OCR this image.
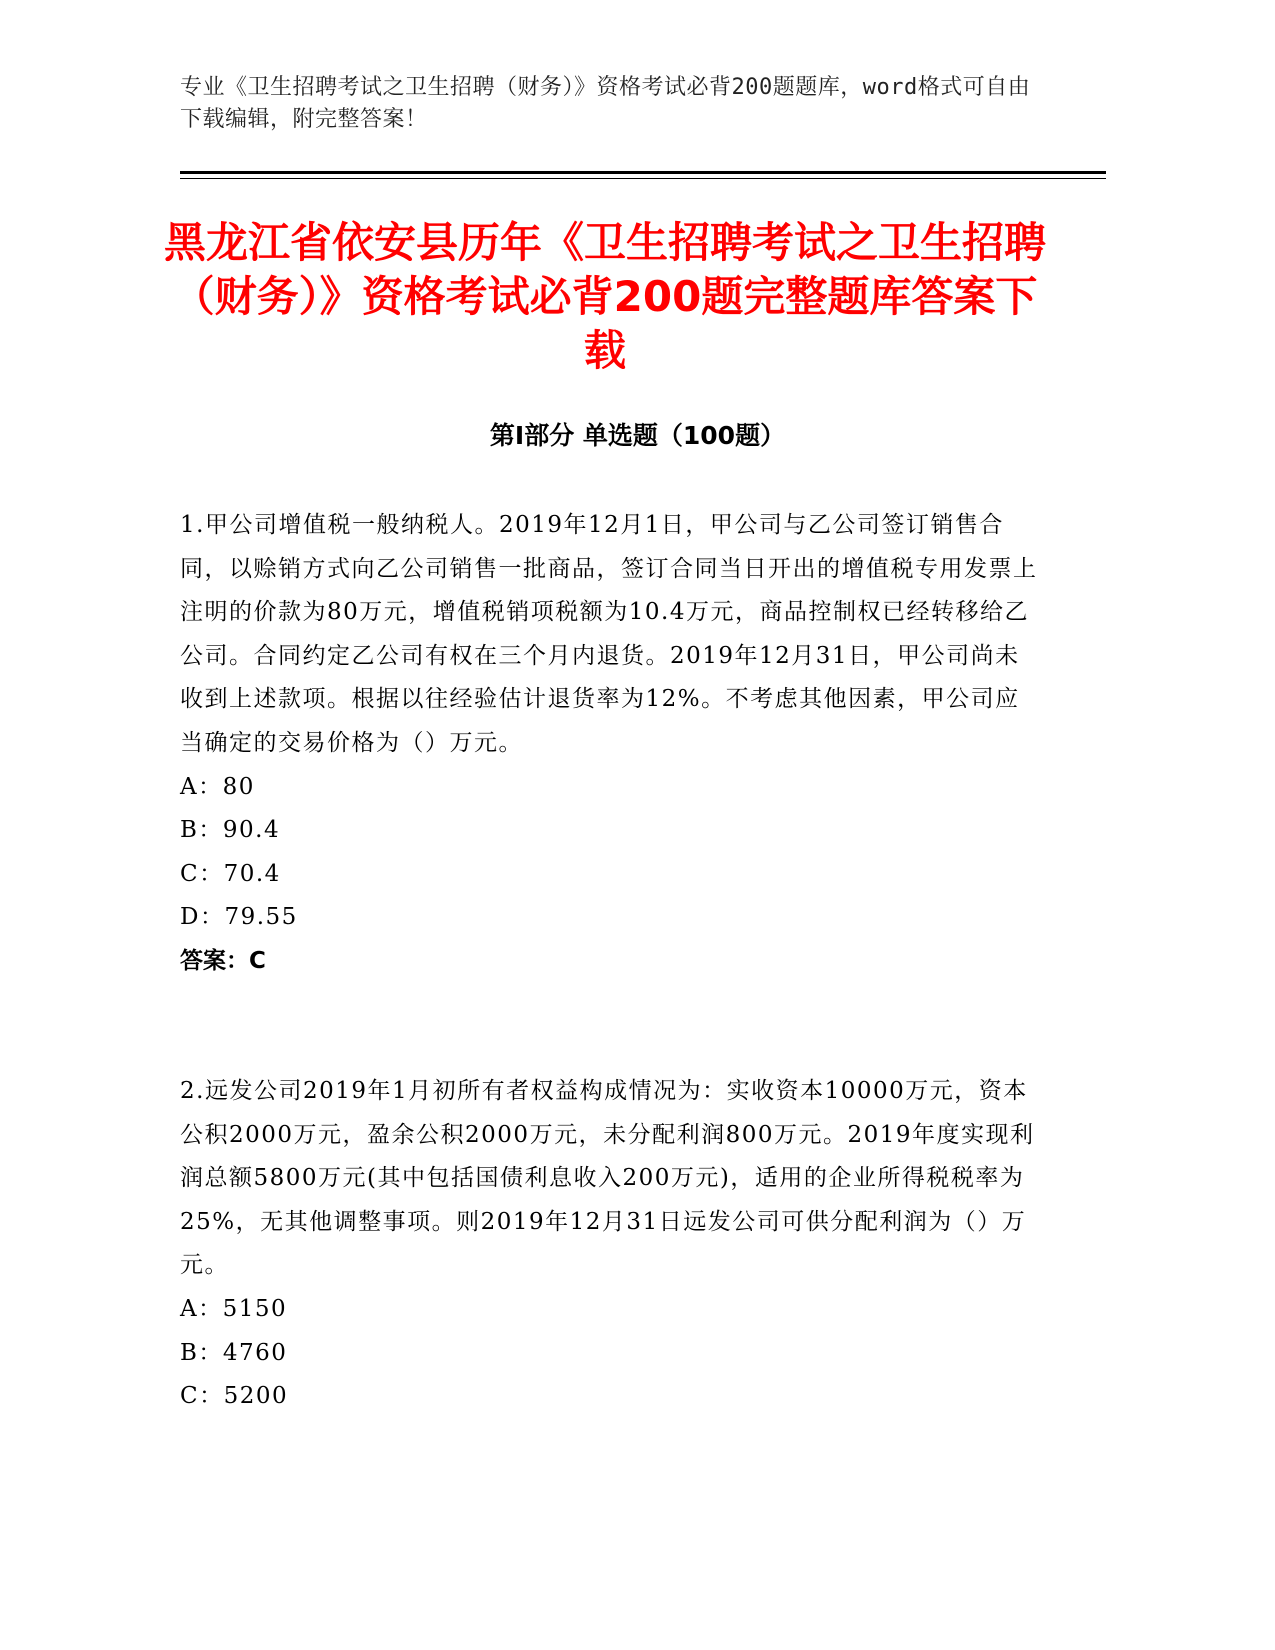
专业《卫生招聘考试之卫生招聘（财务）》资格考试必背200题题库，word格式可自由下载编辑，附完整答案！
黑龙江省依安县历年《卫生招聘考试之卫生招聘（财务）》资格考试必背200题完整题库答案下载
第Ⅰ部分 单选题（100题）

1.甲公司增值税一般纳税人。2019年12月1日，甲公司与乙公司签订销售合同，以赊销方式向乙公司销售一批商品，签订合同当日开出的增值税专用发票上注明的价款为80万元，增值税销项税额为10.4万元，商品控制权已经转移给乙公司。合同约定乙公司有权在三个月内退货。2019年12月31日，甲公司尚未收到上述款项。根据以往经验估计退货率为12%。不考虑其他因素，甲公司应当确定的交易价格为（）万元。

A：80

B：90.4

C：70.4

D：79.55

答案：C

2.远发公司2019年1月初所有者权益构成情况为：实收资本10000万元，资本公积2000万元，盈余公积2000万元，未分配利润800万元。2019年度实现利润总额5800万元(其中包括国债利息收入200万元)，适用的企业所得税税率为25%，无其他调整事项。则2019年12月31日远发公司可供分配利润为（）万元。

A：5150

B：4760

C：5200
